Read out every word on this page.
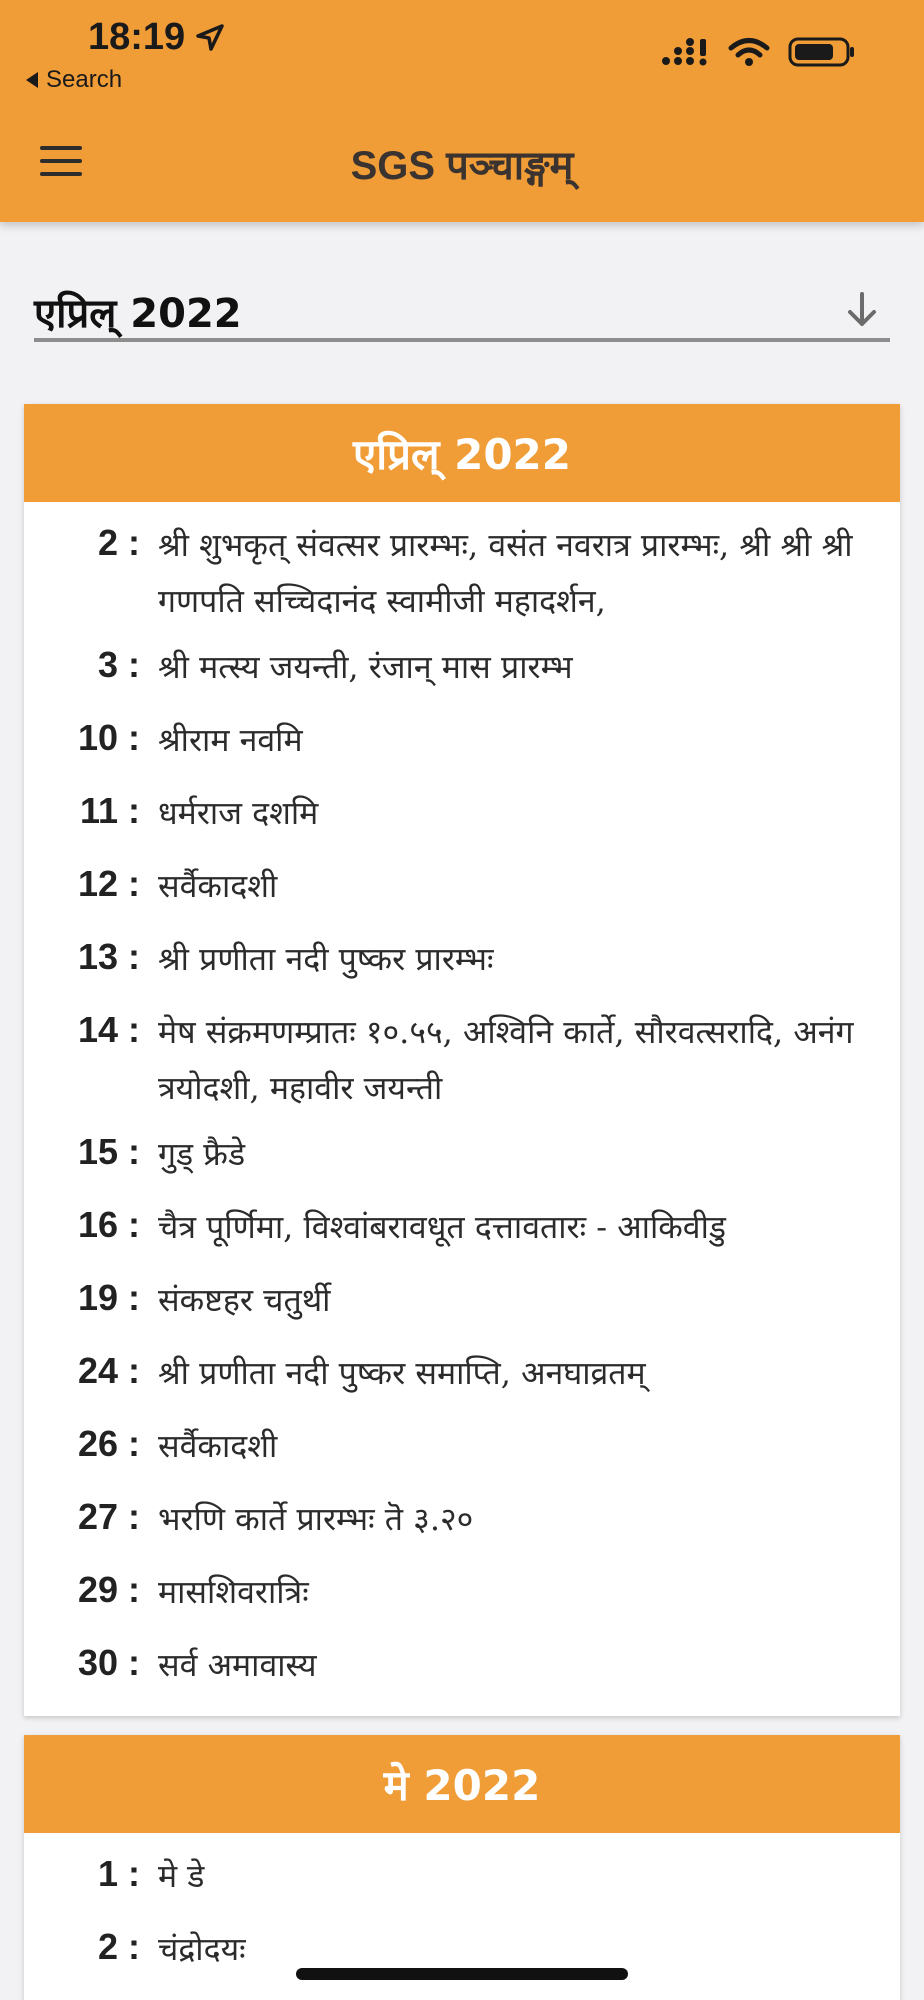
18:19
Search
SGS पञ्चाङ्गम्
एप्रिल् 2022
एप्रिल् 2022
2 : श्री शुभकृत् संवत्सर प्रारम्भः, वसंत नवरात्र प्रारम्भः, श्री श्री श्री गणपति सच्चिदानंद स्वामीजी महादर्शन,
3 : श्री मत्स्य जयन्ती, रंजान् मास प्रारम्भ
10 : श्रीराम नवमि
11 : धर्मराज दशमि
12 : सर्वैकादशी
13 : श्री प्रणीता नदी पुष्कर प्रारम्भः
14 : मेष संक्रमणम्प्रातः १०.५५, अश्विनि कार्ते, सौरवत्सरादि, अनंग त्रयोदशी, महावीर जयन्ती
15 : गुड् फ्रैडे
16 : चैत्र पूर्णिमा, विश्वांबरावधूत दत्तावतारः - आकिवीडु
19 : संकष्टहर चतुर्थी
24 : श्री प्रणीता नदी पुष्कर समाप्ति, अनघाव्रतम्
26 : सर्वैकादशी
27 : भरणि कार्ते प्रारम्भः तॆ ३.२०
29 : मासशिवरात्रिः
30 : सर्व अमावास्य
मे 2022
1 : मे डे
2 : चंद्रोदयः
